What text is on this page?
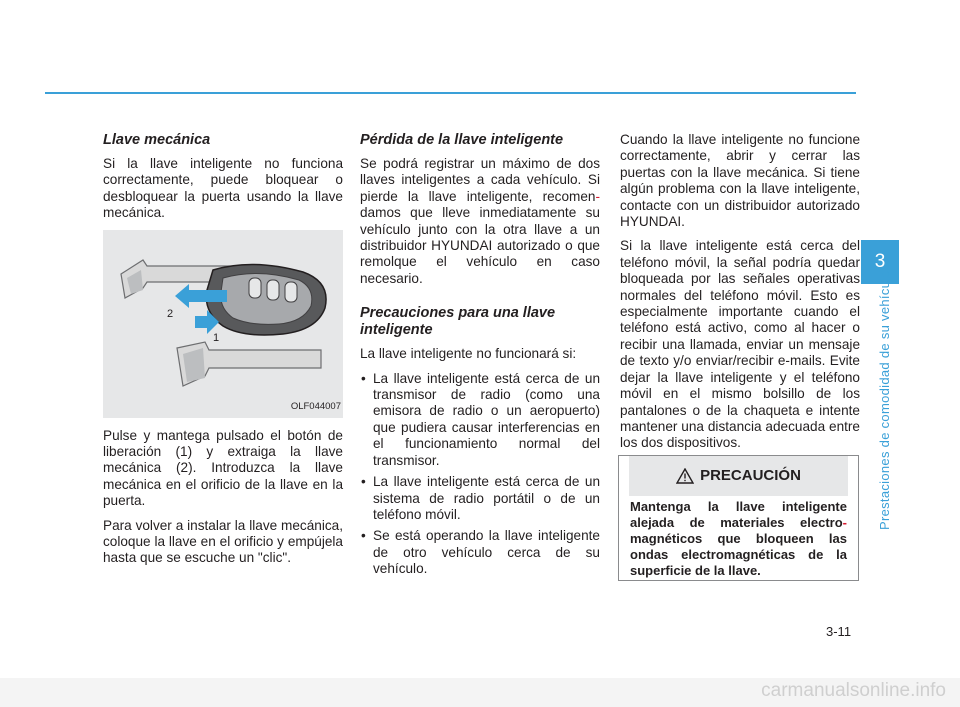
Llave mecánica

Si la llave inteligente no funciona correctamente, puede bloquear o desbloquear la puerta usando la llave mecánica.

2
1
OLF044007

Pulse y mantega pulsado el botón de liberación (1) y extraiga la llave mecánica (2). Introduzca la llave mecánica en el orificio de la llave en la puerta.

Para volver a instalar la llave mecánica, coloque la llave en el orificio y empújela hasta que se escuche un "clic".

Pérdida de la llave inteligente

Se podrá registrar un máximo de dos llaves inteligentes a cada vehículo. Si pierde la llave inteligente, recomen-damos que lleve inmediatamente su vehículo junto con la otra llave a un distribuidor HYUNDAI autorizado o que remolque el vehículo en caso necesario.

Precauciones para una llave inteligente

La llave inteligente no funcionará si:

• La llave inteligente está cerca de un transmisor de radio (como una emisora de radio o un aeropuerto) que pudiera causar interferencias en el funcionamiento normal del transmisor.
• La llave inteligente está cerca de un sistema de radio portátil o de un teléfono móvil.
• Se está operando la llave inteligente de otro vehículo cerca de su vehículo.

Cuando la llave inteligente no funcione correctamente, abrir y cerrar las puertas con la llave mecánica. Si tiene algún problema con la llave inteligente, contacte con un distribuidor autorizado HYUNDAI.

Si la llave inteligente está cerca del teléfono móvil, la señal podría quedar bloqueada por las señales operativas normales del teléfono móvil. Esto es especialmente importante cuando el teléfono está activo, como al hacer o recibir una llamada, enviar un mensaje de texto y/o enviar/recibir e-mails. Evite dejar la llave inteligente y el teléfono móvil en el mismo bolsillo de los pantalones o de la chaqueta e intente mantener una distancia adecuada entre los dos dispositivos.

PRECAUCIÓN
Mantenga la llave inteligente alejada de materiales electro-magnéticos que bloqueen las ondas electromagnéticas de la superficie de la llave.
3
Prestaciones de comodidad de su vehículo
3-11
carmanualsonline.info
